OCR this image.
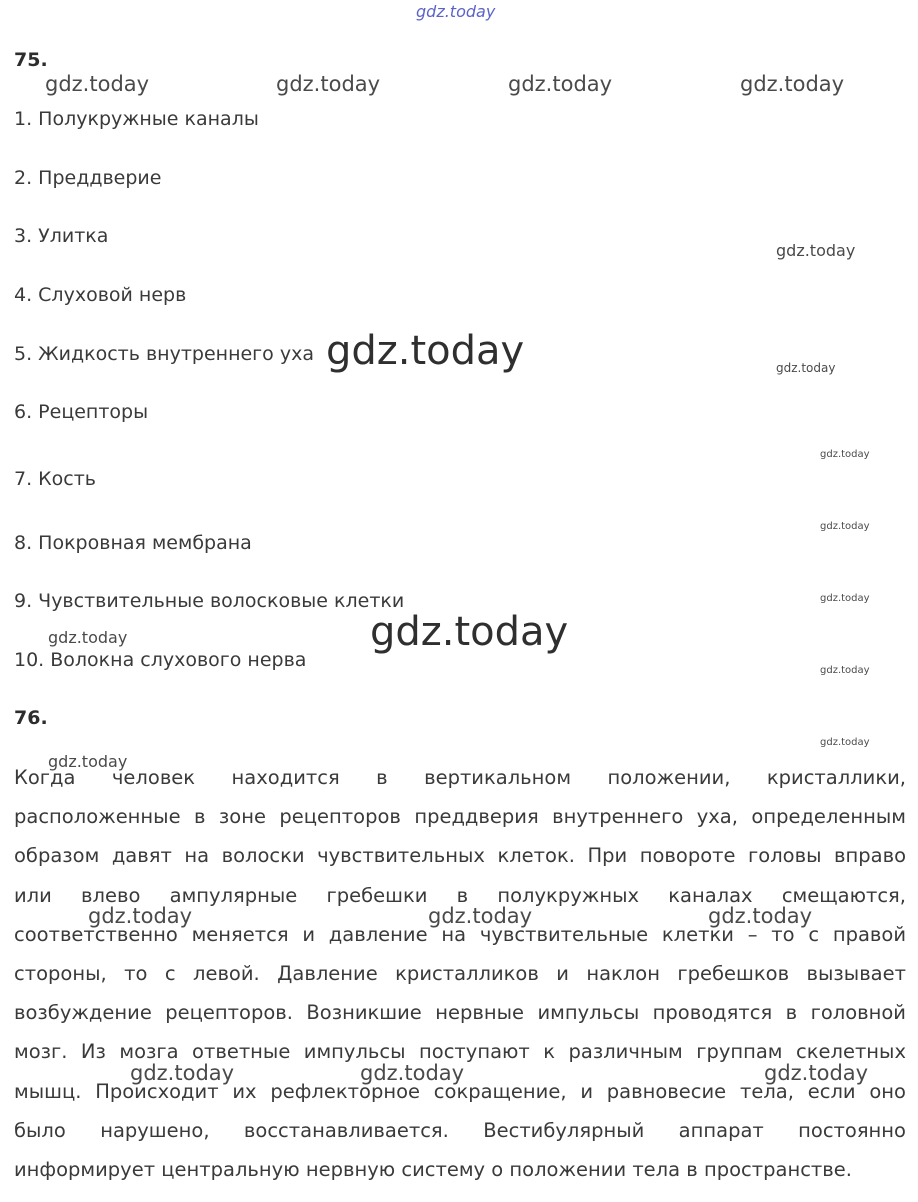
gdz.today
75.
1. Полукружные каналы
2. Преддверие
3. Улитка
4. Слуховой нерв
5. Жидкость внутреннего уха
6. Рецепторы
7. Кость
8. Покровная мембрана
9. Чувствительные волосковые клетки
10. Волокна слухового нерва
76.
Когда человек находится в вертикальном положении, кристаллики,
расположенные в зоне рецепторов преддверия внутреннего уха, определенным
образом давят на волоски чувствительных клеток. При повороте головы вправо
или влево ампулярные гребешки в полукружных каналах смещаются,
соответственно меняется и давление на чувствительные клетки – то с правой
стороны, то с левой. Давление кристалликов и наклон гребешков вызывает
возбуждение рецепторов. Возникшие нервные импульсы проводятся в головной
мозг. Из мозга ответные импульсы поступают к различным группам скелетных
мышц. Происходит их рефлекторное сокращение, и равновесие тела, если оно
было нарушено, восстанавливается. Вестибулярный аппарат постоянно
информирует центральную нервную систему о положении тела в пространстве.
gdz.today	gdz.today	gdz.today	gdz.today
gdz.today
gdz.today
gdz.today
gdz.today
gdz.today
gdz.today
gdz.today
gdz.today
gdz.today
gdz.today
gdz.today
gdz.today	gdz.today	gdz.today
gdz.today	gdz.today	gdz.today
